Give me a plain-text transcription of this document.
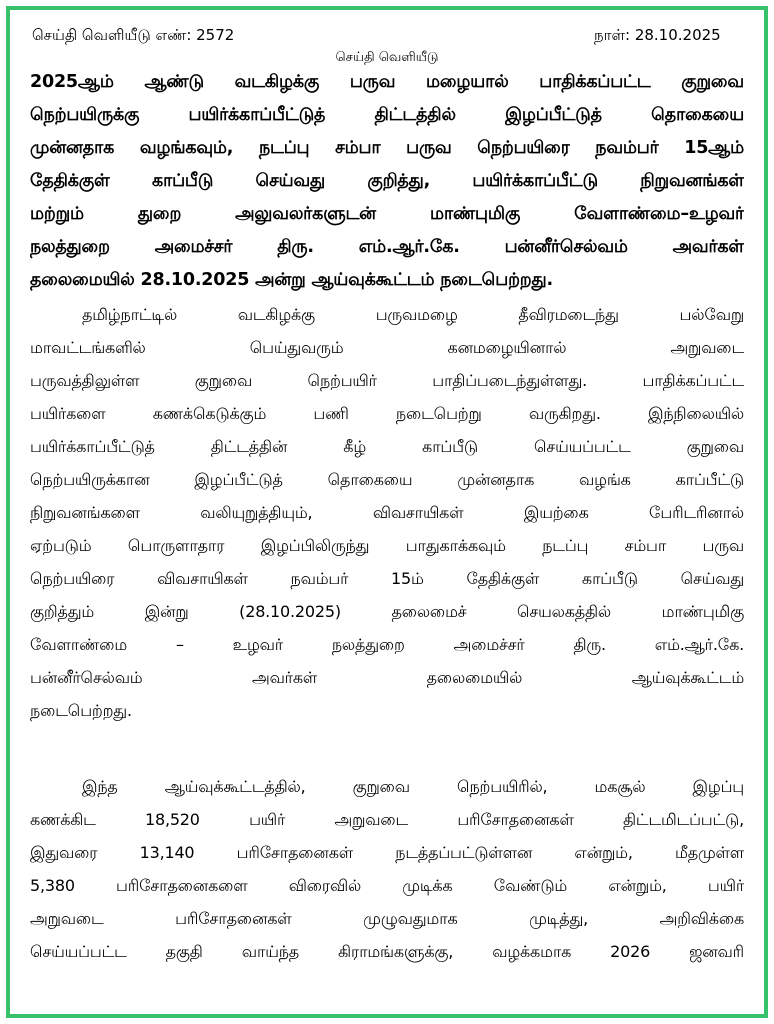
செய்தி வெளியீடு எண்: 2572	நாள்: 28.10.2025
செய்தி வெளியீடு
2025ஆம் ஆண்டு வடகிழக்கு பருவ மழையால் பாதிக்கப்பட்ட குறுவை
நெற்பயிருக்கு பயிர்க்காப்பீட்டுத் திட்டத்தில் இழப்பீட்டுத் தொகையை
முன்னதாக வழங்கவும், நடப்பு சம்பா பருவ நெற்பயிரை நவம்பர் 15ஆம்
தேதிக்குள் காப்பீடு செய்வது குறித்து, பயிர்க்காப்பீட்டு நிறுவனங்கள்
மற்றும் துறை அலுவலர்களுடன் மாண்புமிகு வேளாண்மை–உழவர்
நலத்துறை அமைச்சர் திரு. எம்.ஆர்.கே. பன்னீர்செல்வம் அவர்கள்
தலைமையில் 28.10.2025 அன்று ஆய்வுக்கூட்டம் நடைபெற்றது.
தமிழ்நாட்டில் வடகிழக்கு பருவமழை தீவிரமடைந்து பல்வேறு
மாவட்டங்களில் பெய்துவரும் கனமழையினால் அறுவடை
பருவத்திலுள்ள குறுவை நெற்பயிர் பாதிப்படைந்துள்ளது. பாதிக்கப்பட்ட
பயிர்களை கணக்கெடுக்கும் பணி நடைபெற்று வருகிறது. இந்நிலையில்
பயிர்க்காப்பீட்டுத் திட்டத்தின் கீழ் காப்பீடு செய்யப்பட்ட குறுவை
நெற்பயிருக்கான இழப்பீட்டுத் தொகையை முன்னதாக வழங்க காப்பீட்டு
நிறுவனங்களை வலியுறுத்தியும், விவசாயிகள் இயற்கை பேரிடரினால்
ஏற்படும் பொருளாதார இழப்பிலிருந்து பாதுகாக்கவும் நடப்பு சம்பா பருவ
நெற்பயிரை விவசாயிகள் நவம்பர் 15ம் தேதிக்குள் காப்பீடு செய்வது
குறித்தும் இன்று (28.10.2025) தலைமைச் செயலகத்தில் மாண்புமிகு
வேளாண்மை – உழவர் நலத்துறை அமைச்சர் திரு. எம்.ஆர்.கே.
பன்னீர்செல்வம் அவர்கள் தலைமையில் ஆய்வுக்கூட்டம்
நடைபெற்றது.
இந்த ஆய்வுக்கூட்டத்தில், குறுவை நெற்பயிரில், மகசூல் இழப்பு
கணக்கிட 18,520 பயிர் அறுவடை பரிசோதனைகள் திட்டமிடப்பட்டு,
இதுவரை 13,140 பரிசோதனைகள் நடத்தப்பட்டுள்ளன என்றும், மீதமுள்ள
5,380 பரிசோதனைகளை விரைவில் முடிக்க வேண்டும் என்றும், பயிர்
அறுவடை பரிசோதனைகள் முழுவதுமாக முடித்து, அறிவிக்கை
செய்யப்பட்ட தகுதி வாய்ந்த கிராமங்களுக்கு, வழக்கமாக 2026 ஜனவரி
